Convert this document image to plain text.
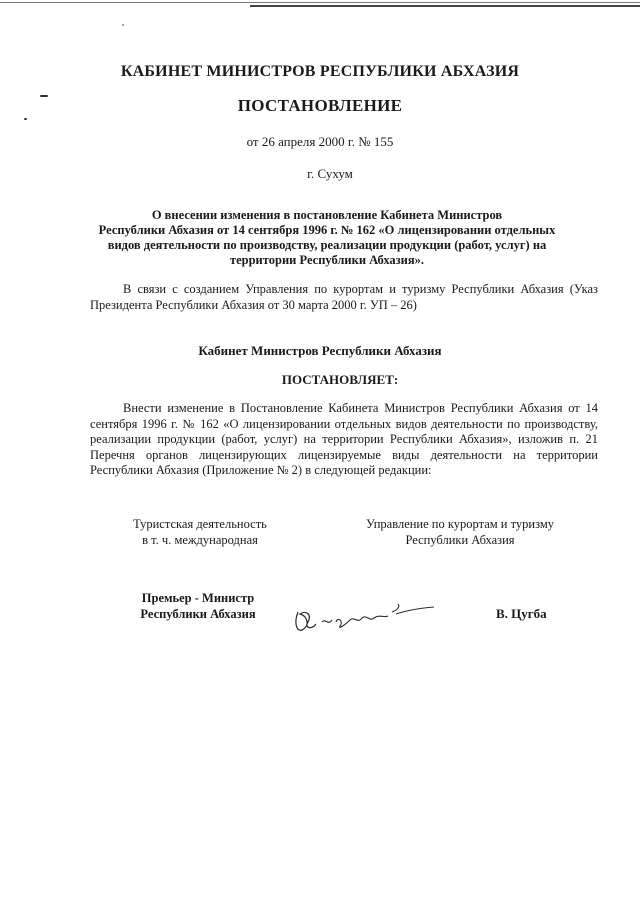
КАБИНЕТ МИНИСТРОВ РЕСПУБЛИКИ АБХАЗИЯ
ПОСТАНОВЛЕНИЕ
от 26 апреля 2000 г. № 155
г. Сухум
О внесении изменения в постановление Кабинета Министров
Республики Абхазия от 14 сентября 1996 г. № 162 «О лицензировании отдельных
видов деятельности по производству, реализации продукции (работ, услуг) на
территории Республики Абхазия».
В связи с созданием Управления по курортам и туризму Республики Абхазия (Указ Президента Республики Абхазия от 30 марта 2000 г. УП – 26)
Кабинет Министров Республики Абхазия
ПОСТАНОВЛЯЕТ:
Внести изменение в Постановление Кабинета Министров Республики Абхазия от 14 сентября 1996 г. № 162 «О лицензировании отдельных видов деятельности по производству, реализации продукции (работ, услуг) на территории Республики Абхазия», изложив п. 21 Перечня органов лицензирующих лицензируемые виды деятельности на территории Республики Абхазия (Приложение № 2) в следующей редакции:
Туристская деятельность
в т. ч. международная
Управление по курортам и туризму
Республики Абхазия
Премьер - Министр
Республики Абхазия	В. Цугба
